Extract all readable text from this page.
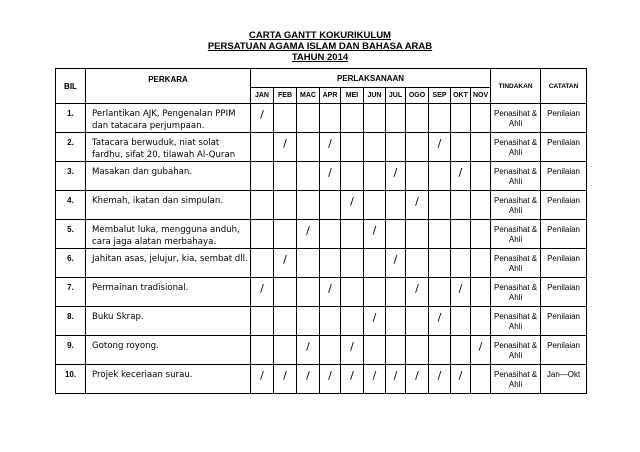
CARTA GANTT KOKURIKULUM
PERSATUAN AGAMA ISLAM DAN BAHASA ARAB
TAHUN 2014
BIL	PERKARA	PERLAKSANAAN											TINDAKAN	CATATAN
		JAN	FEB	MAC	APR	MEI	JUN	JUL	OGO	SEP	OKT	NOV		
1.	Perlantikan AJK, Pengenalan PPIM dan tatacara perjumpaan.	/											Penasihat & Ahli	Penilaian
2.	Tatacara berwuduk, niat solat fardhu, sifat 20, tilawah Al-Quran		/		/					/			Penasihat & Ahli	Penilaian
3.	Masakan dan gubahan.				/			/			/		Penasihat & Ahli	Penilaian
4.	Khemah, ikatan dan simpulan.					/			/				Penasihat & Ahli	Penilaian
5.	Membalut luka, mengguna anduh, cara jaga alatan merbahaya.			/			/						Penasihat & Ahli	Penilaian
6.	Jahitan asas, jelujur, kia, sembat dll.		/					/					Penasihat & Ahli	Penilaian
7.	Permainan tradisional.	/			/				/		/		Penasihat & Ahli	Penilaian
8.	Buku Skrap.						/			/			Penasihat & Ahli	Penilaian
9.	Gotong royong.			/		/						/	Penasihat & Ahli	Penilaian
10.	Projek keceriaan surau.	/	/	/	/	/	/	/	/	/	/		Penasihat & Ahli	Jan—Okt
